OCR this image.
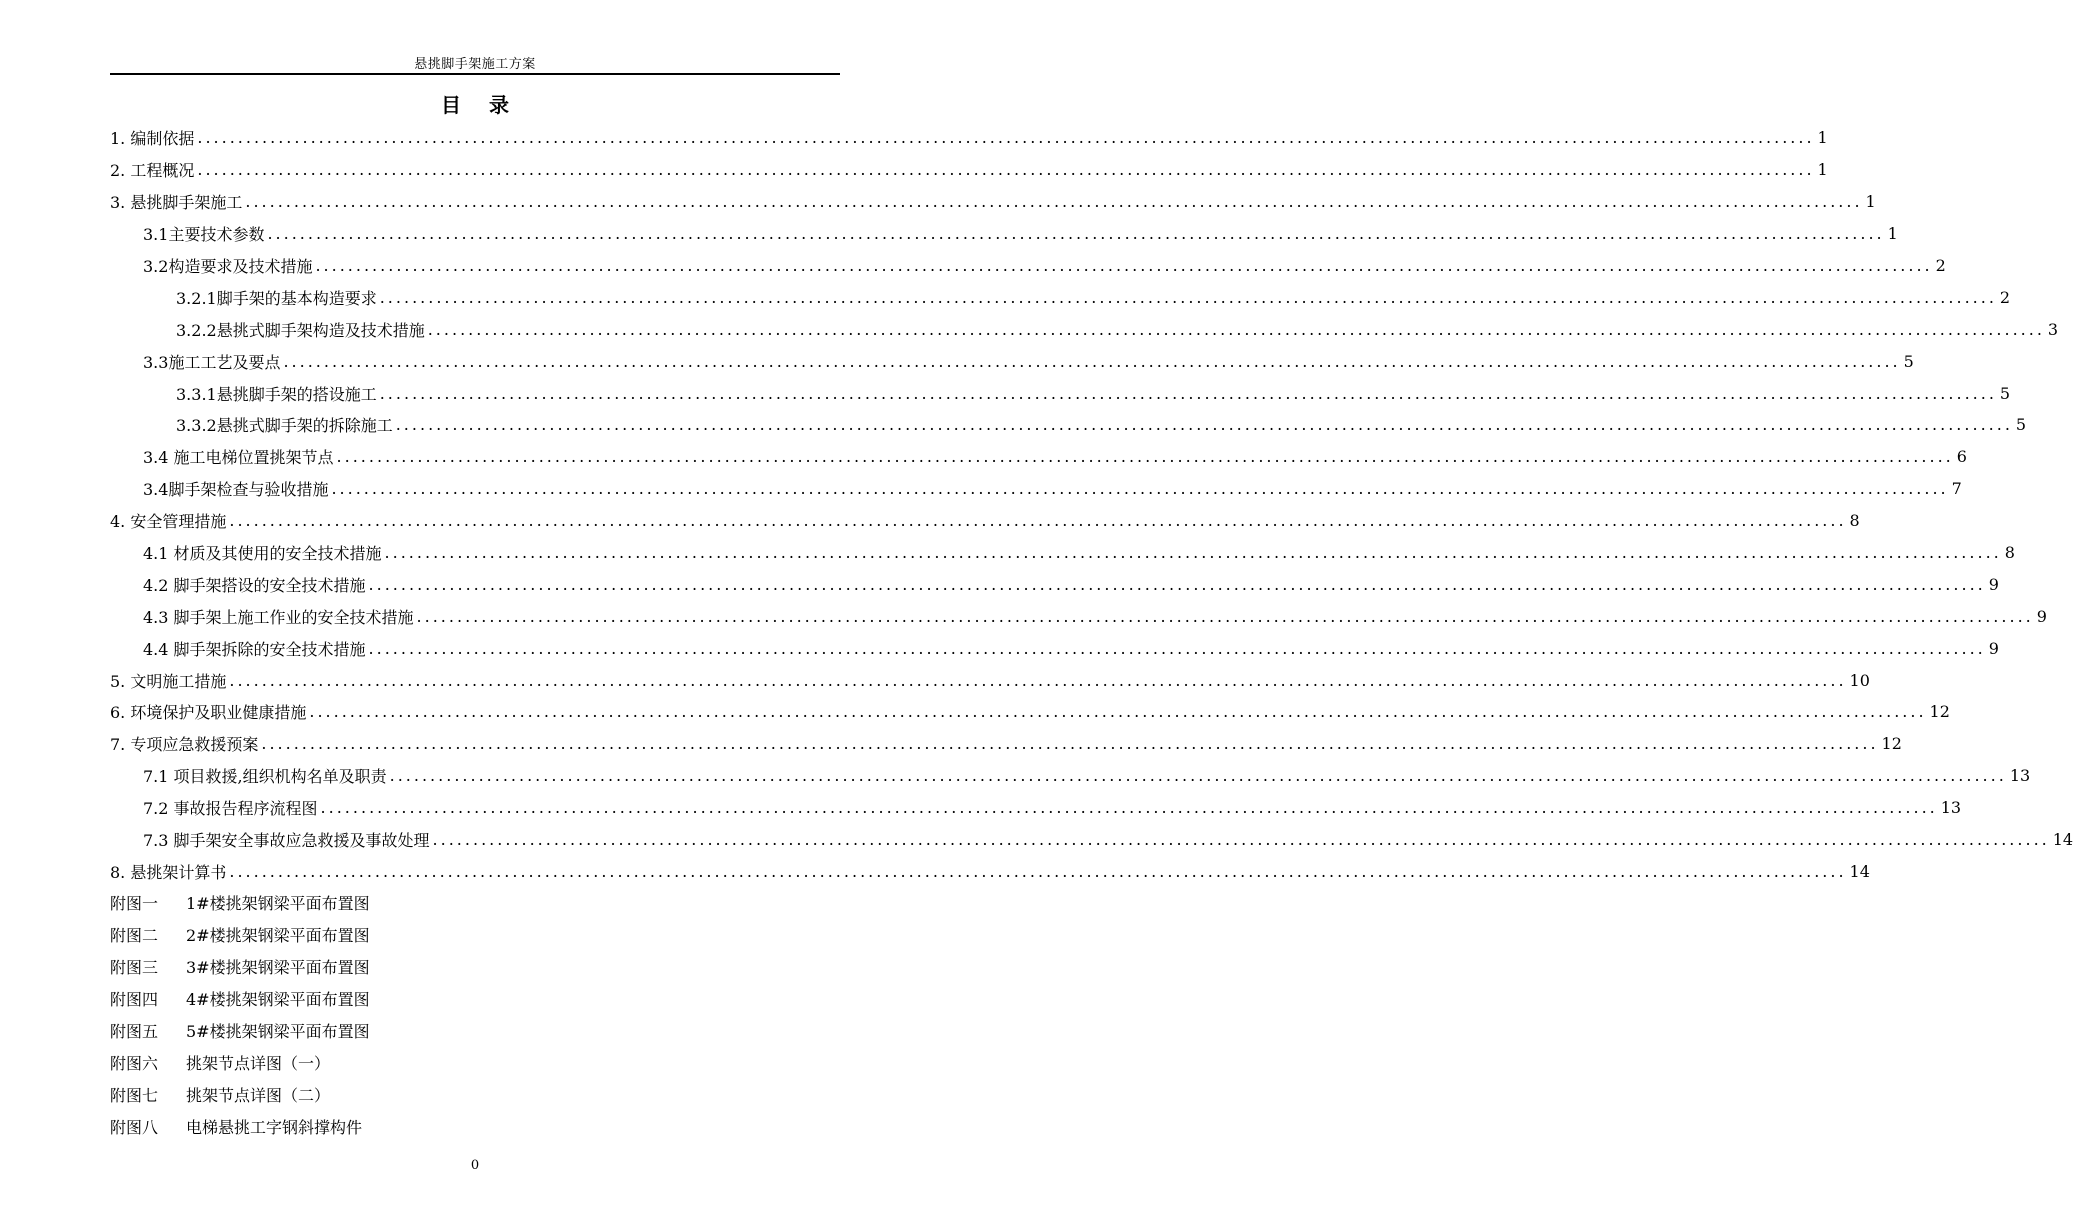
悬挑脚手架施工方案
目录
1. 编制依据 ........................................................................................................................................................................................................ 1
2. 工程概况 ........................................................................................................................................................................................................ 1
3. 悬挑脚手架施工 ........................................................................................................................................................................................................ 1
3.1主要技术参数 ........................................................................................................................................................................................................ 1
3.2构造要求及技术措施 ........................................................................................................................................................................................................ 2
3.2.1脚手架的基本构造要求 ........................................................................................................................................................................................................ 2
3.2.2悬挑式脚手架构造及技术措施 ........................................................................................................................................................................................................ 3
3.3施工工艺及要点 ........................................................................................................................................................................................................ 5
3.3.1悬挑脚手架的搭设施工 ........................................................................................................................................................................................................ 5
3.3.2悬挑式脚手架的拆除施工 ........................................................................................................................................................................................................ 5
3.4 施工电梯位置挑架节点 ........................................................................................................................................................................................................ 6
3.4脚手架检查与验收措施 ........................................................................................................................................................................................................ 7
4. 安全管理措施 ........................................................................................................................................................................................................ 8
4.1 材质及其使用的安全技术措施 ........................................................................................................................................................................................................ 8
4.2 脚手架搭设的安全技术措施 ........................................................................................................................................................................................................ 9
4.3 脚手架上施工作业的安全技术措施 ........................................................................................................................................................................................................ 9
4.4 脚手架拆除的安全技术措施 ........................................................................................................................................................................................................ 9
5. 文明施工措施 ........................................................................................................................................................................................................ 10
6. 环境保护及职业健康措施 ........................................................................................................................................................................................................ 12
7. 专项应急救援预案 ........................................................................................................................................................................................................ 12
7.1 项目救援,组织机构名单及职责 ........................................................................................................................................................................................................ 13
7.2 事故报告程序流程图 ........................................................................................................................................................................................................ 13
7.3 脚手架安全事故应急救援及事故处理 ........................................................................................................................................................................................................ 14
8. 悬挑架计算书 ........................................................................................................................................................................................................ 14
附图一	1#楼挑架钢梁平面布置图
附图二	2#楼挑架钢梁平面布置图
附图三	3#楼挑架钢梁平面布置图
附图四	4#楼挑架钢梁平面布置图
附图五	5#楼挑架钢梁平面布置图
附图六	挑架节点详图（一）
附图七	挑架节点详图（二）
附图八	电梯悬挑工字钢斜撑构件
0
